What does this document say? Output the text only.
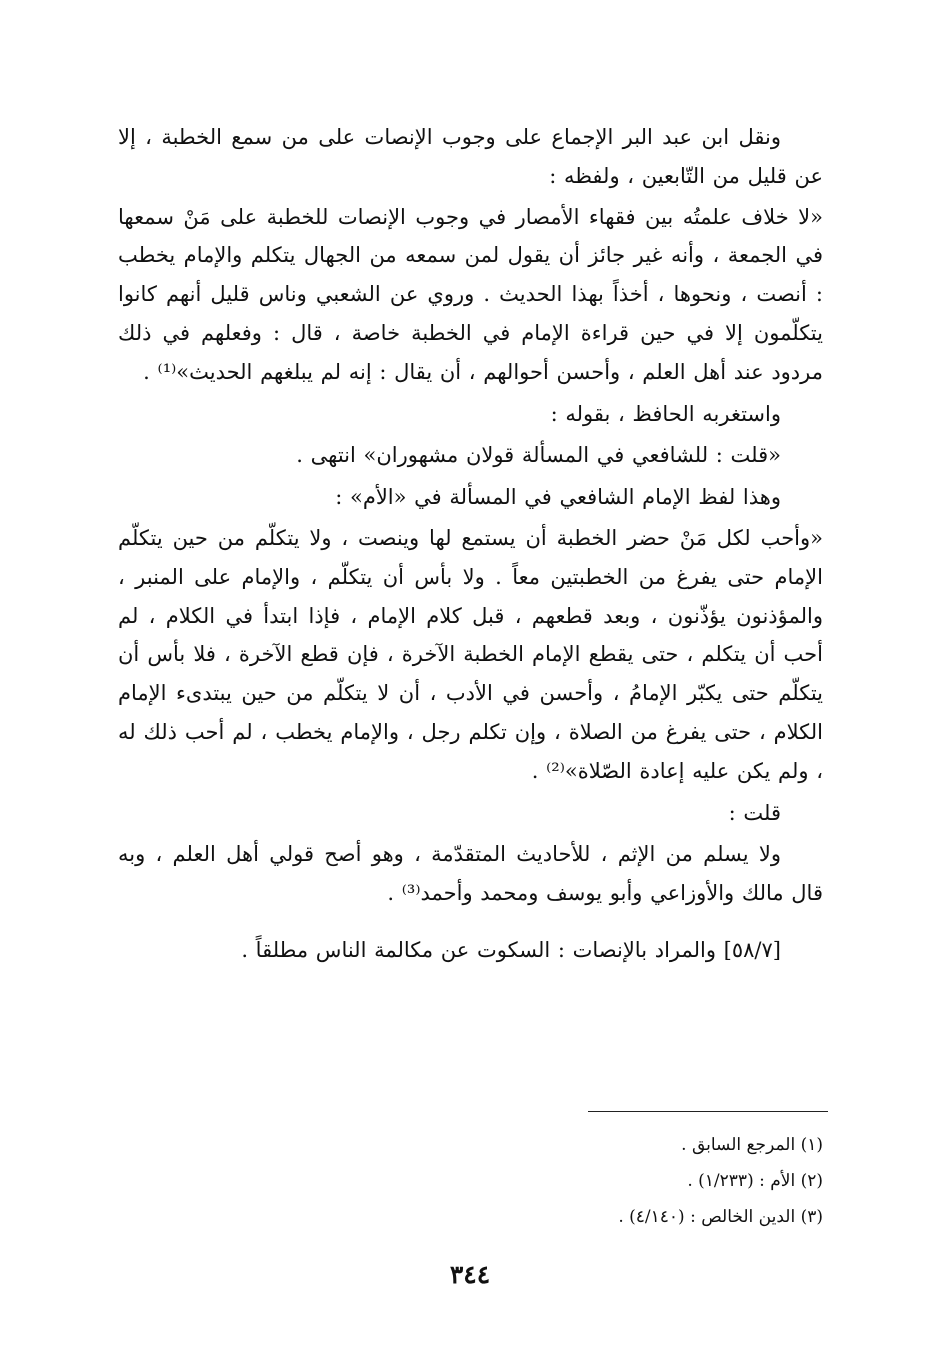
ونقل ابن عبد البر الإجماع على وجوب الإنصات على من سمع الخطبة ، إلا عن قليل من التّابعين ، ولفظه :

«لا خلاف علمتُه بين فقهاء الأمصار في وجوب الإنصات للخطبة على مَنْ سمعها في الجمعة ، وأنه غير جائز أن يقول لمن سمعه من الجهال يتكلم والإمام يخطب : أنصت ، ونحوها ، أخذاً بهذا الحديث . وروي عن الشعبي وناس قليل أنهم كانوا يتكلّمون إلا في حين قراءة الإمام في الخطبة خاصة ، قال : وفعلهم في ذلك مردود عند أهل العلم ، وأحسن أحوالهم ، أن يقال : إنه لم يبلغهم الحديث»⁽¹⁾ .

واستغربه الحافظ ، بقوله :

«قلت : للشافعي في المسألة قولان مشهوران» انتهى .

وهذا لفظ الإمام الشافعي في المسألة في «الأم» :

«وأحب لكل مَنْ حضر الخطبة أن يستمع لها وينصت ، ولا يتكلّم من حين يتكلّم الإمام حتى يفرغ من الخطبتين معاً . ولا بأس أن يتكلّم ، والإمام على المنبر ، والمؤذنون يؤذّنون ، وبعد قطعهم ، قبل كلام الإمام ، فإذا ابتدأ في الكلام ، لم أحب أن يتكلم ، حتى يقطع الإمام الخطبة الآخرة ، فإن قطع الآخرة ، فلا بأس أن يتكلّم حتى يكبّر الإمامُ ، وأحسن في الأدب ، أن لا يتكلّم من حين يبتدىء الإمام الكلام ، حتى يفرغ من الصلاة ، وإن تكلم رجل ، والإمام يخطب ، لم أحب ذلك له ، ولم يكن عليه إعادة الصّلاة»⁽²⁾ .

قلت :

ولا يسلم من الإثم ، للأحاديث المتقدّمة ، وهو أصح قولي أهل العلم ، وبه قال مالك والأوزاعي وأبو يوسف ومحمد وأحمد⁽³⁾ .

[٥٨/٧] والمراد بالإنصات : السكوت عن مكالمة الناس مطلقاً .

(١) المرجع السابق .

(٢) الأم : (١/٢٣٣) .

(٣) الدين الخالص : (٤/١٤٠) .

٣٤٤
